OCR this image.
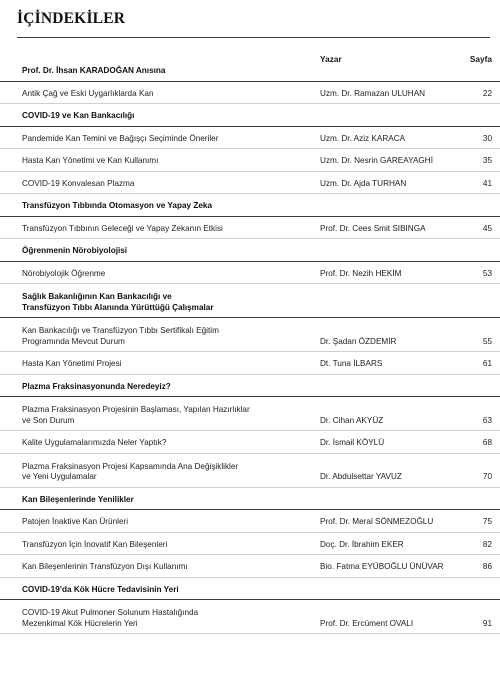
İÇİNDEKİLER
Yazar	Sayfa
Prof. Dr. İhsan KARADOĞAN Anısına
Antik Çağ ve Eski Uygarlıklarda Kan	Uzm. Dr. Ramazan ULUHAN	22
COVID-19 ve Kan Bankacılığı
Pandemide Kan Temini ve Bağışçı Seçiminde Öneriler	Uzm. Dr. Aziz KARACA	30
Hasta Kan Yönetimi ve Kan Kullanımı	Uzm. Dr. Nesrin GAREAYAGHİ	35
COVID-19 Konvalesan Plazma	Uzm. Dr. Ajda TURHAN	41
Transfüzyon Tıbbında Otomasyon ve Yapay Zeka
Transfüzyon Tıbbının Geleceği ve Yapay Zekanın Etkisi	Prof. Dr. Cees Smit SIBINGA	45
Öğrenmenin Nörobiyolojisi
Nörobiyolojik Öğrenme	Prof. Dr. Nezih HEKİM	53
Sağlık Bakanlığının Kan Bankacılığı ve
Transfüzyon Tıbbı Alanında Yürüttüğü Çalışmalar
Kan Bankacılığı ve Transfüzyon Tıbbı Sertifikalı Eğitim
Programında Mevcut Durum	Dr. Şadan ÖZDEMİR	55
Hasta Kan Yönetimi Projesi	Dt. Tuna İLBARS	61
Plazma Fraksinasyonunda Neredeyiz?
Plazma Fraksinasyon Projesinin Başlaması, Yapılan Hazırlıklar
ve Son Durum	Dr. Cihan AKYÜZ	63
Kalite Uygulamalarımızda Neler Yaptık?	Dr. İsmail KÖYLÜ	68
Plazma Fraksinasyon Projesi Kapsamında Ana Değişiklikler
ve Yeni Uygulamalar	Dr. Abdulsettar YAVUZ	70
Kan Bileşenlerinde Yenilikler
Patojen İnaktive Kan Ürünleri	Prof. Dr. Meral SÖNMEZOĞLU	75
Transfüzyon İçin İnovatif Kan Bileşenleri	Doç. Dr. İbrahim EKER	82
Kan Bileşenlerinin Transfüzyon Dışı Kullanımı	Bio. Fatma EYÜBOĞLU ÜNÜVAR	86
COVID-19’da Kök Hücre Tedavisinin Yeri
COVID-19 Akut Pulmoner Solunum Hastalığında
Mezenkimal Kök Hücrelerin Yeri	Prof. Dr. Ercüment OVALI	91
